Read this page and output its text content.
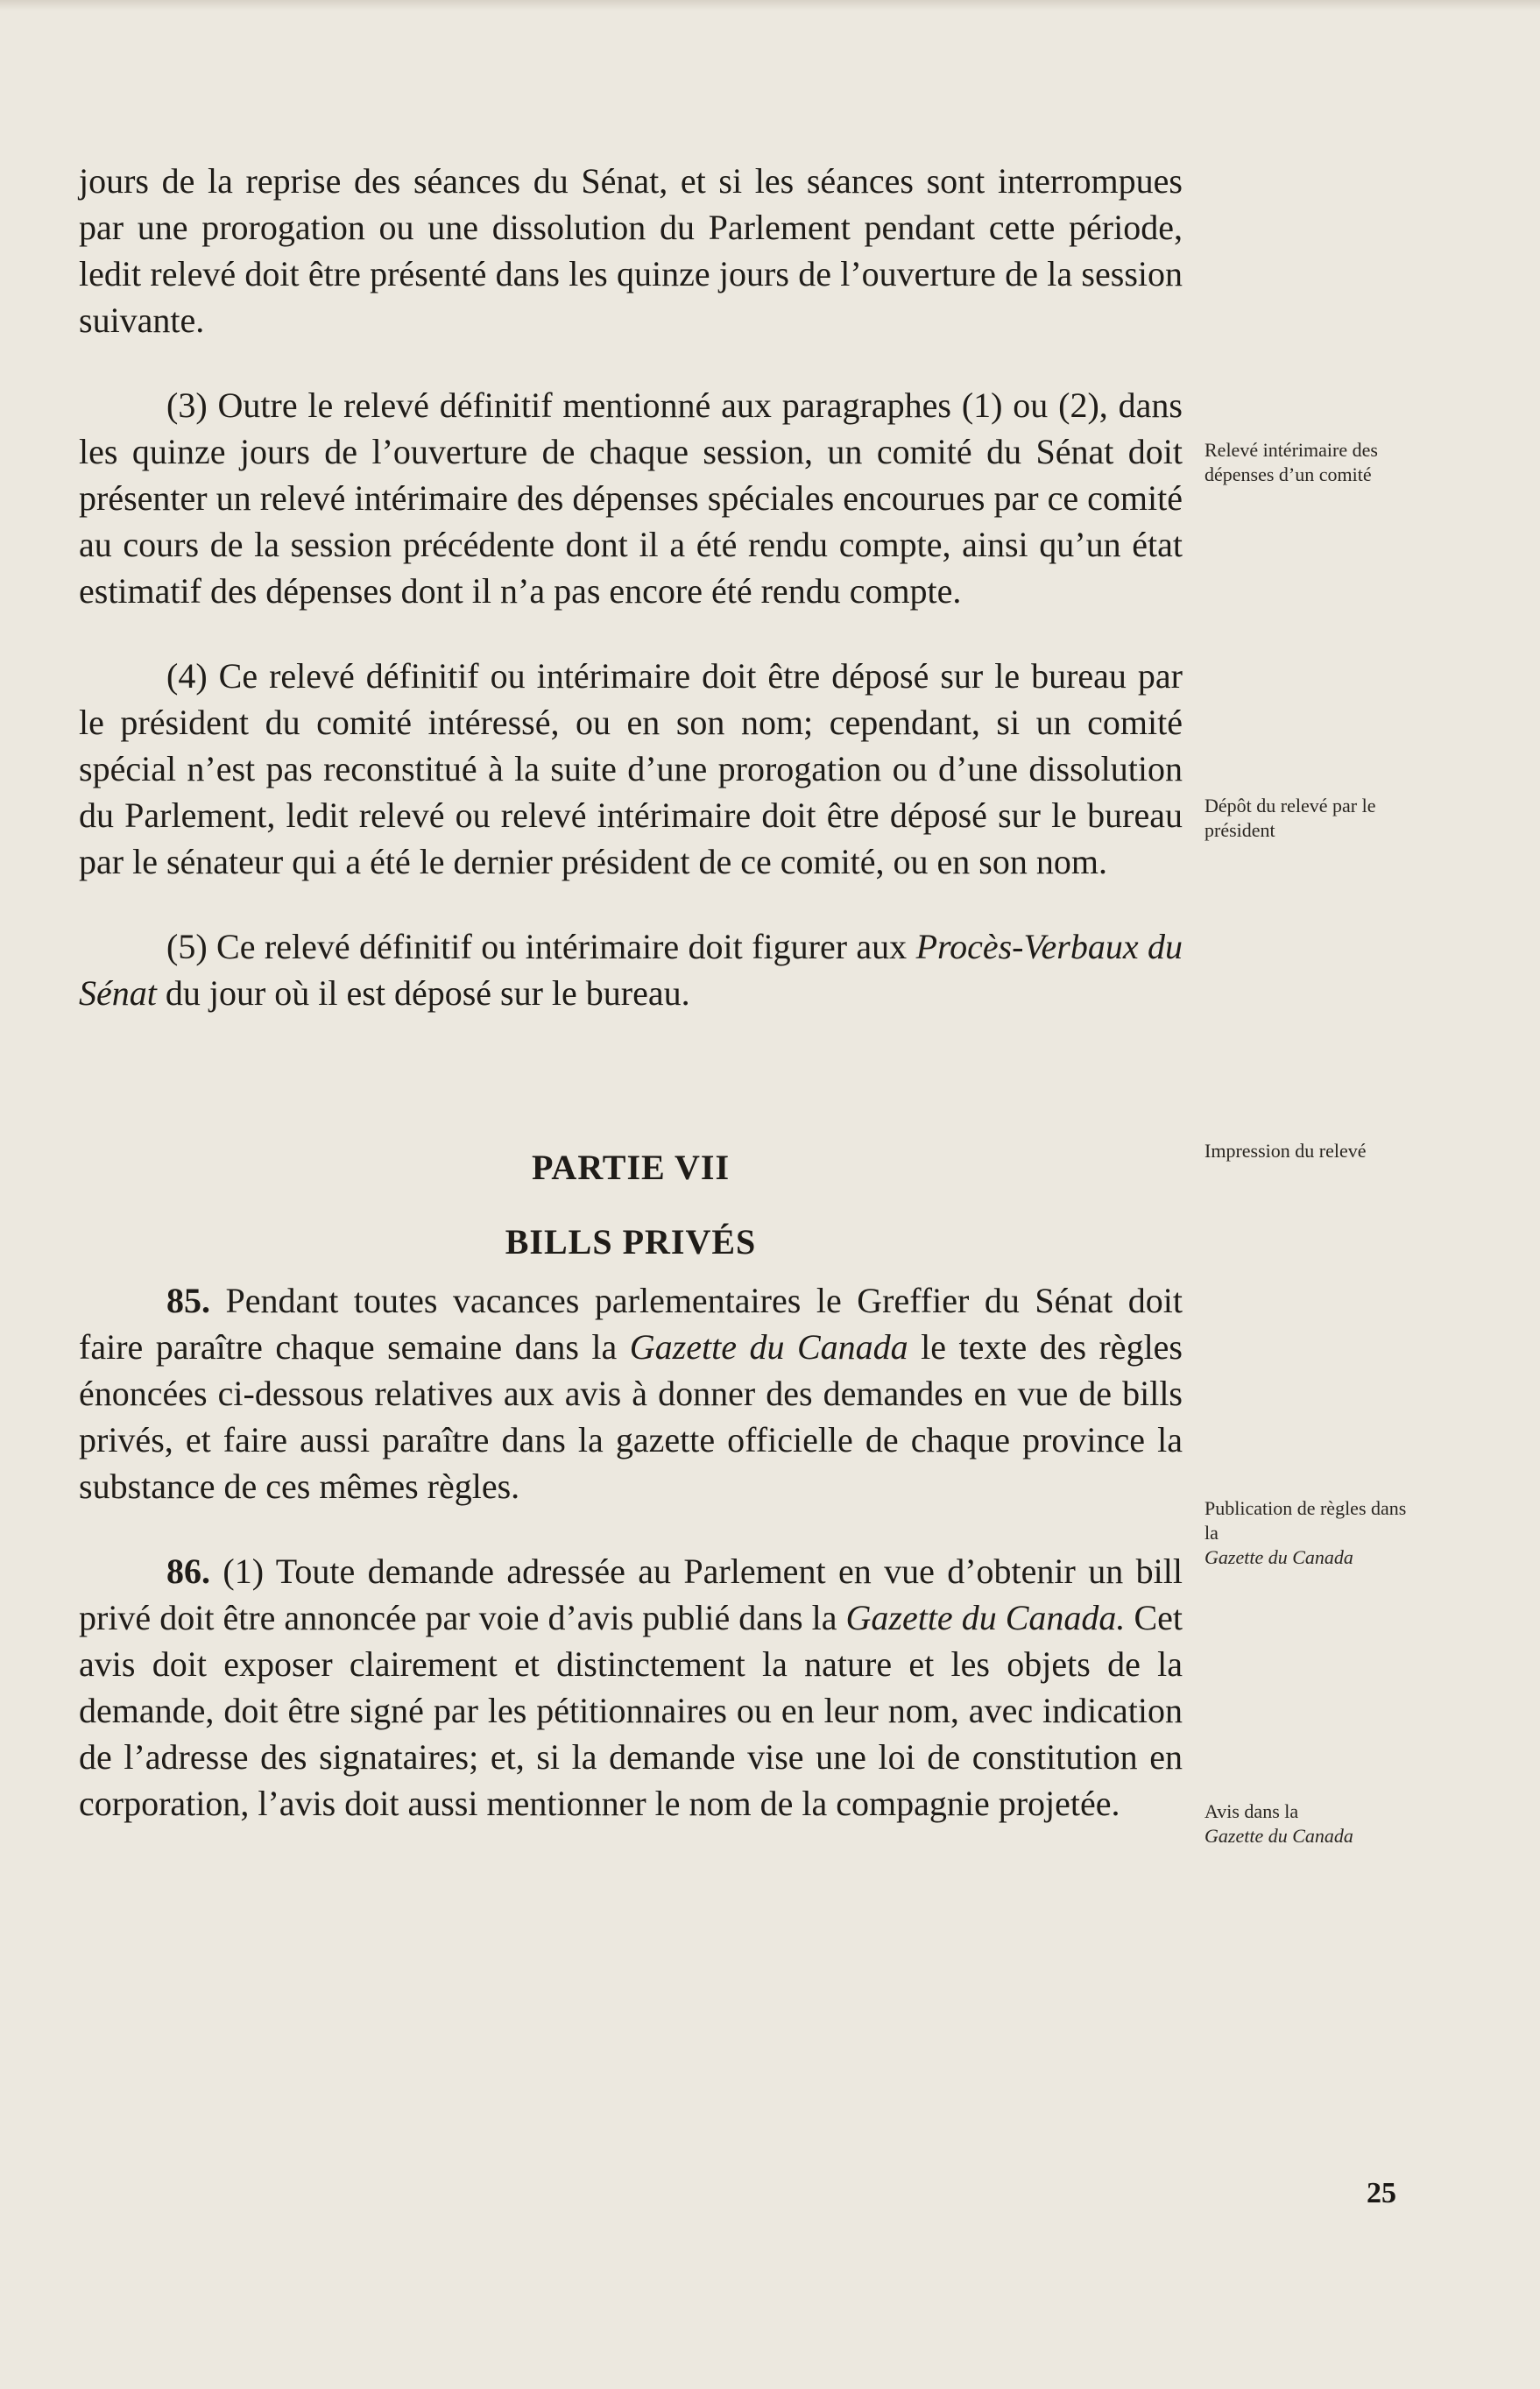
jours de la reprise des séances du Sénat, et si les séances sont interrompues par une prorogation ou une dissolution du Parlement pendant cette période, ledit relevé doit être présenté dans les quinze jours de l’ouverture de la session suivante.

(3) Outre le relevé définitif mentionné aux paragraphes (1) ou (2), dans les quinze jours de l’ouverture de chaque session, un comité du Sénat doit présenter un relevé intérimaire des dépenses spéciales encourues par ce comité au cours de la session précédente dont il a été rendu compte, ainsi qu’un état estimatif des dépenses dont il n’a pas encore été rendu compte.

(4) Ce relevé définitif ou intérimaire doit être déposé sur le bureau par le président du comité intéressé, ou en son nom; cependant, si un comité spécial n’est pas reconstitué à la suite d’une prorogation ou d’une dissolution du Parlement, ledit relevé ou relevé intérimaire doit être déposé sur le bureau par le sénateur qui a été le dernier président de ce comité, ou en son nom.

(5) Ce relevé définitif ou intérimaire doit figurer aux Procès-Verbaux du Sénat du jour où il est déposé sur le bureau.

PARTIE VII
BILLS PRIVÉS

85. Pendant toutes vacances parlementaires le Greffier du Sénat doit faire paraître chaque semaine dans la Gazette du Canada le texte des règles énoncées ci-dessous relatives aux avis à donner des demandes en vue de bills privés, et faire aussi paraître dans la gazette officielle de chaque province la substance de ces mêmes règles.

86. (1) Toute demande adressée au Parlement en vue d’obtenir un bill privé doit être annoncée par voie d’avis publié dans la Gazette du Canada. Cet avis doit exposer clairement et distinctement la nature et les objets de la demande, doit être signé par les pétitionnaires ou en leur nom, avec indication de l’adresse des signataires; et, si la demande vise une loi de constitution en corporation, l’avis doit aussi mentionner le nom de la compagnie projetée.

Relevé intérimaire des dépenses d’un comité
Dépôt du relevé par le président
Impression du relevé
Publication de règles dans la
Gazette du Canada
Avis dans la
Gazette du Canada
25
